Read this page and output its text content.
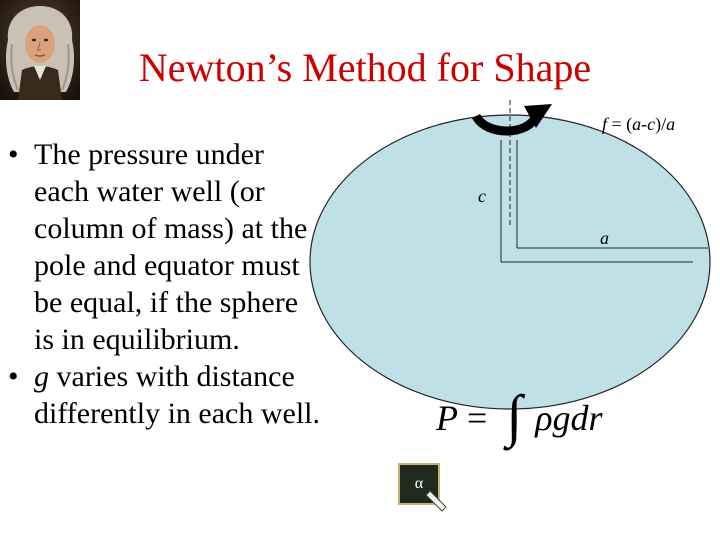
Newton’s Method for Shape
• The pressure under each water well (or column of mass) at the pole and equator must be equal, if the sphere is in equilibrium.
• g varies with distance differently in each well.
f = (a-c)/a
c
a
P = ∫ ρgdr
α
